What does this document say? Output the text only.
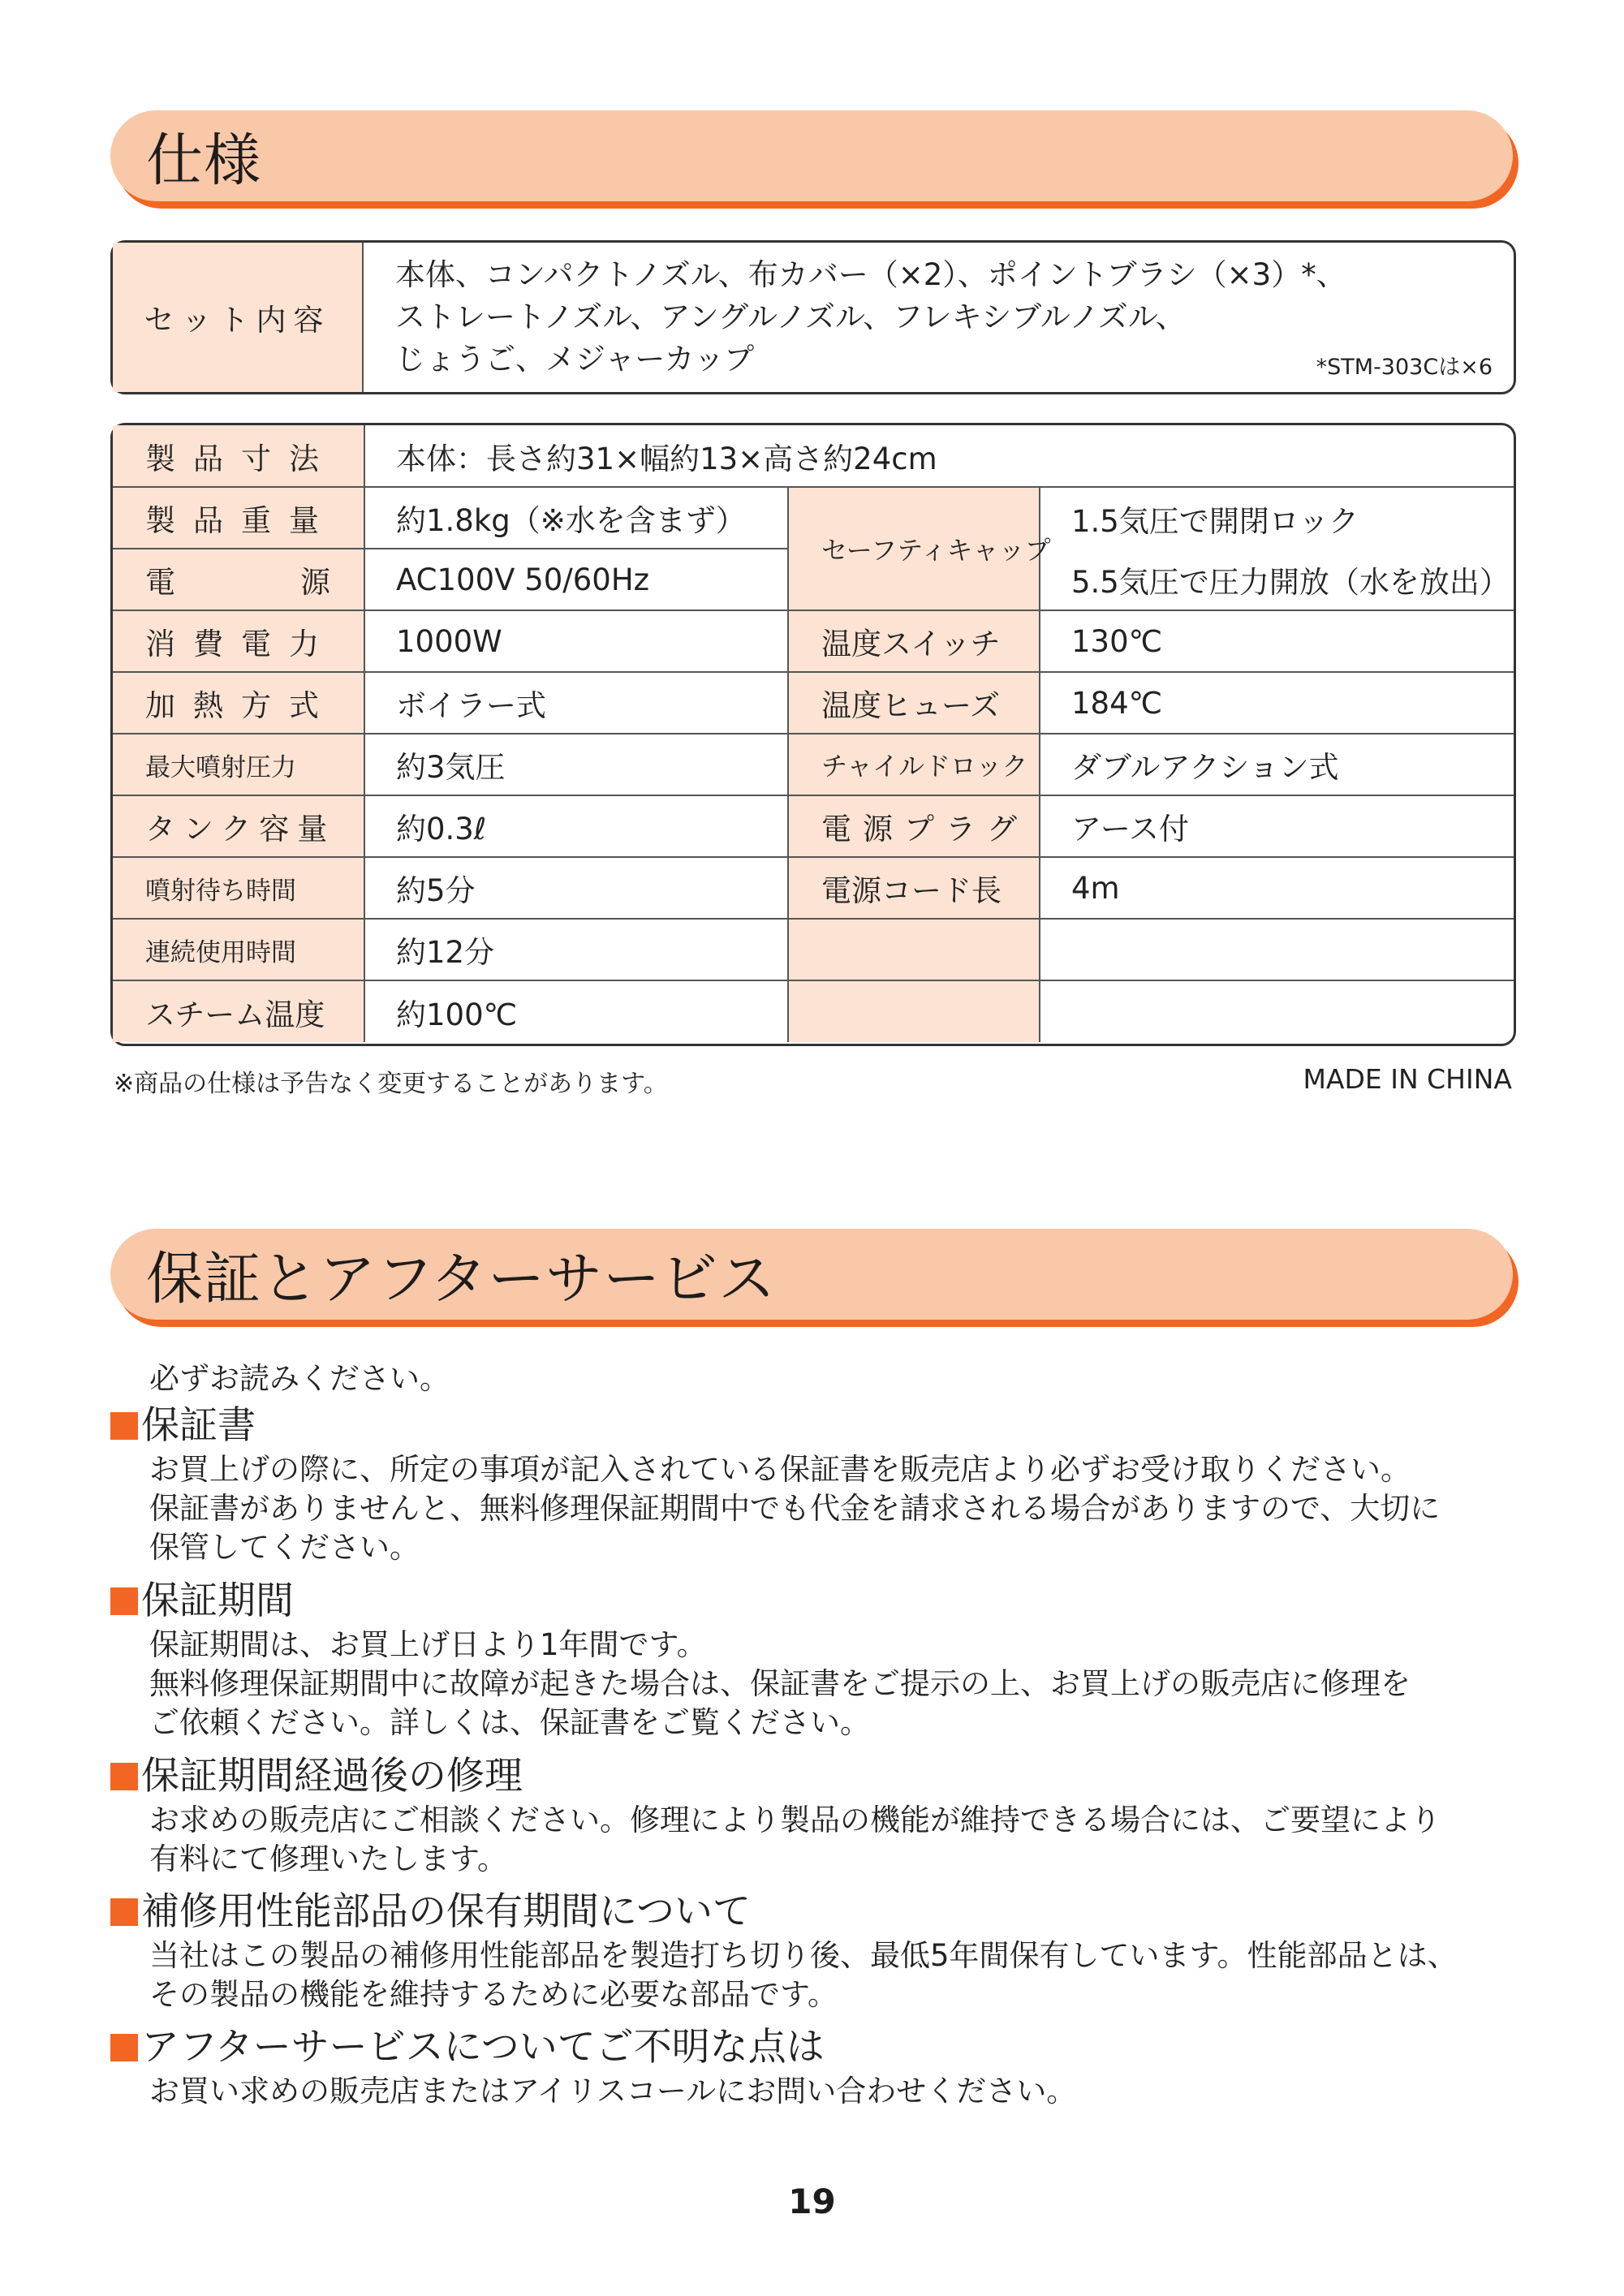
仕様
セット内容
本体、コンパクトノズル、布カバー（×2）、ポイントブラシ（×3）*、
ストレートノズル、アングルノズル、フレキシブルノズル、
じょうご、メジャーカップ	*STM-303Cは×6
製品寸法	本体：長さ約31×幅約13×高さ約24cm		
製品重量	約1.8kg（※水を含まず）	セーフティキャップ	1.5気圧で開閉ロック
電源	AC100V 50/60Hz		5.5気圧で圧力開放（水を放出）
消費電力	1000W	温度スイッチ	130℃
加熱方式	ボイラー式	温度ヒューズ	184℃
最大噴射圧力	約3気圧	チャイルドロック	ダブルアクション式
タンク容量	約0.3ℓ	電源プラグ	アース付
噴射待ち時間	約5分	電源コード長	4m
連続使用時間	約12分		
スチーム温度	約100℃		
※商品の仕様は予告なく変更することがあります。	MADE IN CHINA
保証とアフターサービス
必ずお読みください。
保証書
お買上げの際に、所定の事項が記入されている保証書を販売店より必ずお受け取りください。
保証書がありませんと、無料修理保証期間中でも代金を請求される場合がありますので、大切に
保管してください。
保証期間
保証期間は、お買上げ日より1年間です。
無料修理保証期間中に故障が起きた場合は、保証書をご提示の上、お買上げの販売店に修理を
ご依頼ください。詳しくは、保証書をご覧ください。
保証期間経過後の修理
お求めの販売店にご相談ください。修理により製品の機能が維持できる場合には、ご要望により
有料にて修理いたします。
補修用性能部品の保有期間について
当社はこの製品の補修用性能部品を製造打ち切り後、最低5年間保有しています。性能部品とは、
その製品の機能を維持するために必要な部品です。
アフターサービスについてご不明な点は
お買い求めの販売店またはアイリスコールにお問い合わせください。
19
